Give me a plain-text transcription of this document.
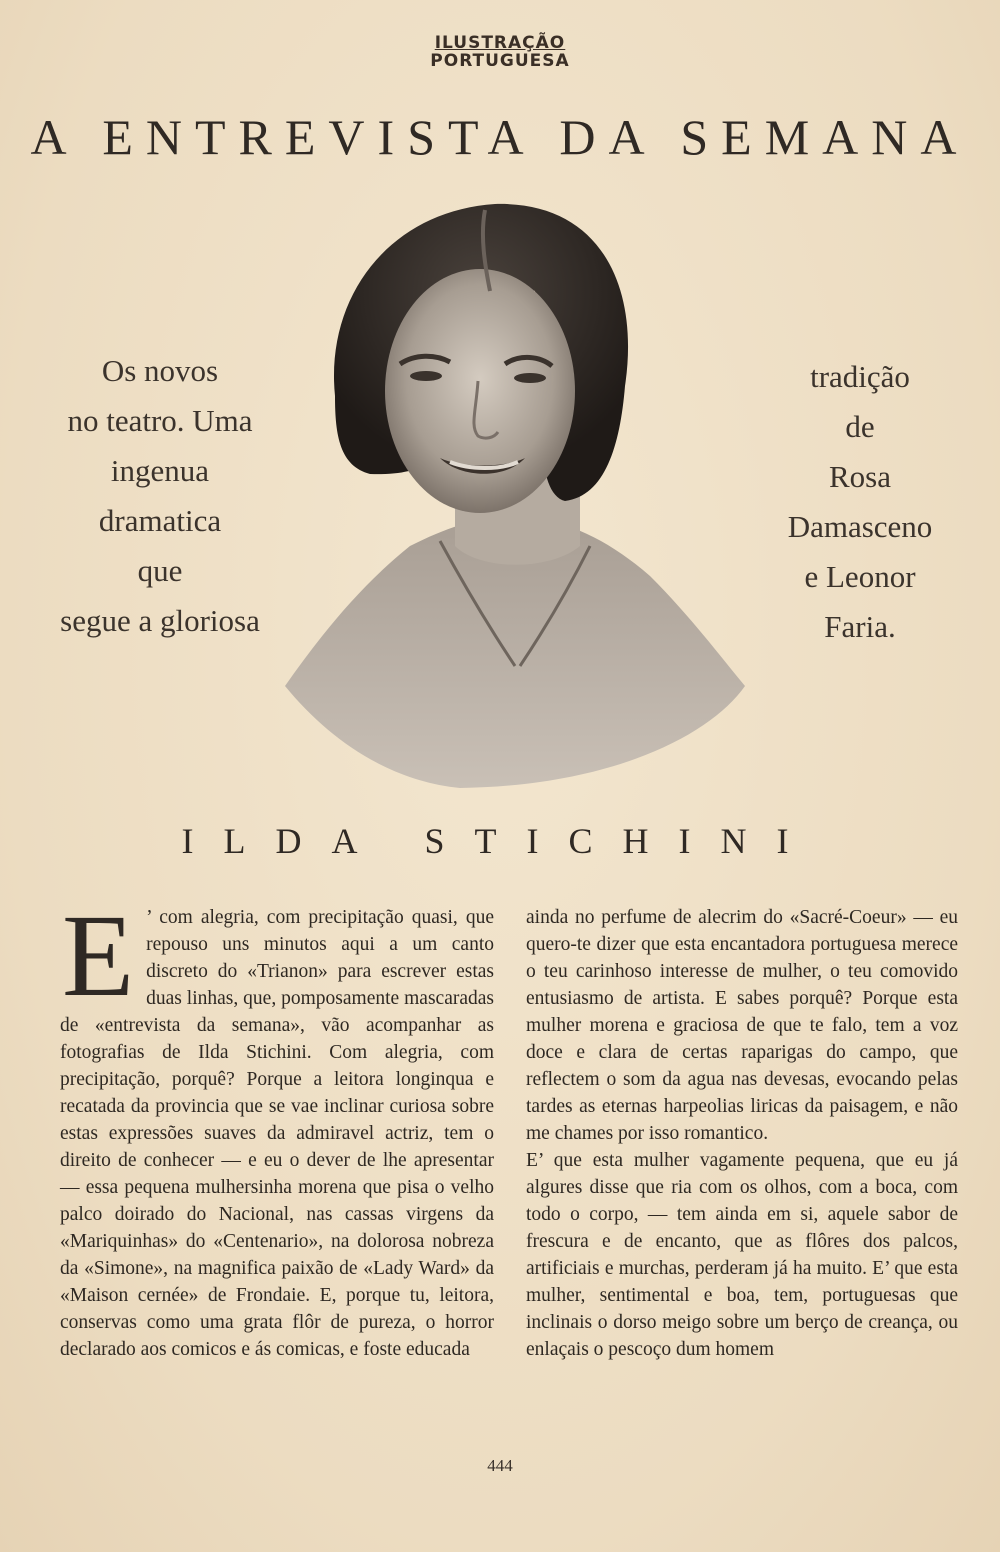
ILUSTRAÇÃO
PORTUGUESA
A ENTREVISTA DA SEMANA
Os novos
no teatro. Uma
ingenua
dramatica
que
segue a gloriosa
tradição
de
Rosa
Damasceno
e Leonor
Faria.
ILDA STICHINI
E ’ com alegria, com precipitação quasi, que repouso uns minutos aqui a um canto discreto do «Trianon» para escrever estas duas linhas, que, pomposamente mascaradas de «entrevista da semana», vão acompanhar as fotografias de Ilda Stichini. Com alegria, com precipitação, porquê? Porque a leitora longinqua e recatada da provincia que se vae inclinar curiosa sobre estas expressões suaves da admiravel actriz, tem o direito de conhecer — e eu o dever de lhe apresentar — essa pequena mulhersinha morena que pisa o velho palco doirado do Nacional, nas cassas virgens da «Mariquinhas» do «Centenario», na dolorosa nobreza da «Simone», na magnifica paixão de «Lady Ward» da «Maison cernée» de Frondaie. E, porque tu, leitora, conservas como uma grata flôr de pureza, o horror declarado aos comicos e ás comicas, e foste educada

ainda no perfume de alecrim do «Sacré-Coeur» — eu quero-te dizer que esta encantadora portuguesa merece o teu carinhoso interesse de mulher, o teu comovido entusiasmo de artista. E sabes porquê? Porque esta mulher morena e graciosa de que te falo, tem a voz doce e clara de certas raparigas do campo, que reflectem o som da agua nas devesas, evocando pelas tardes as eternas harpeolias liricas da paisagem, e não me chames por isso romantico.

E’ que esta mulher vagamente pequena, que eu já algures disse que ria com os olhos, com a boca, com todo o corpo, — tem ainda em si, aquele sabor de frescura e de encanto, que as flôres dos palcos, artificiais e murchas, perderam já ha muito. E’ que esta mulher, sentimental e boa, tem, portuguesas que inclinais o dorso meigo sobre um berço de creança, ou enlaçais o pescoço dum homem

444
